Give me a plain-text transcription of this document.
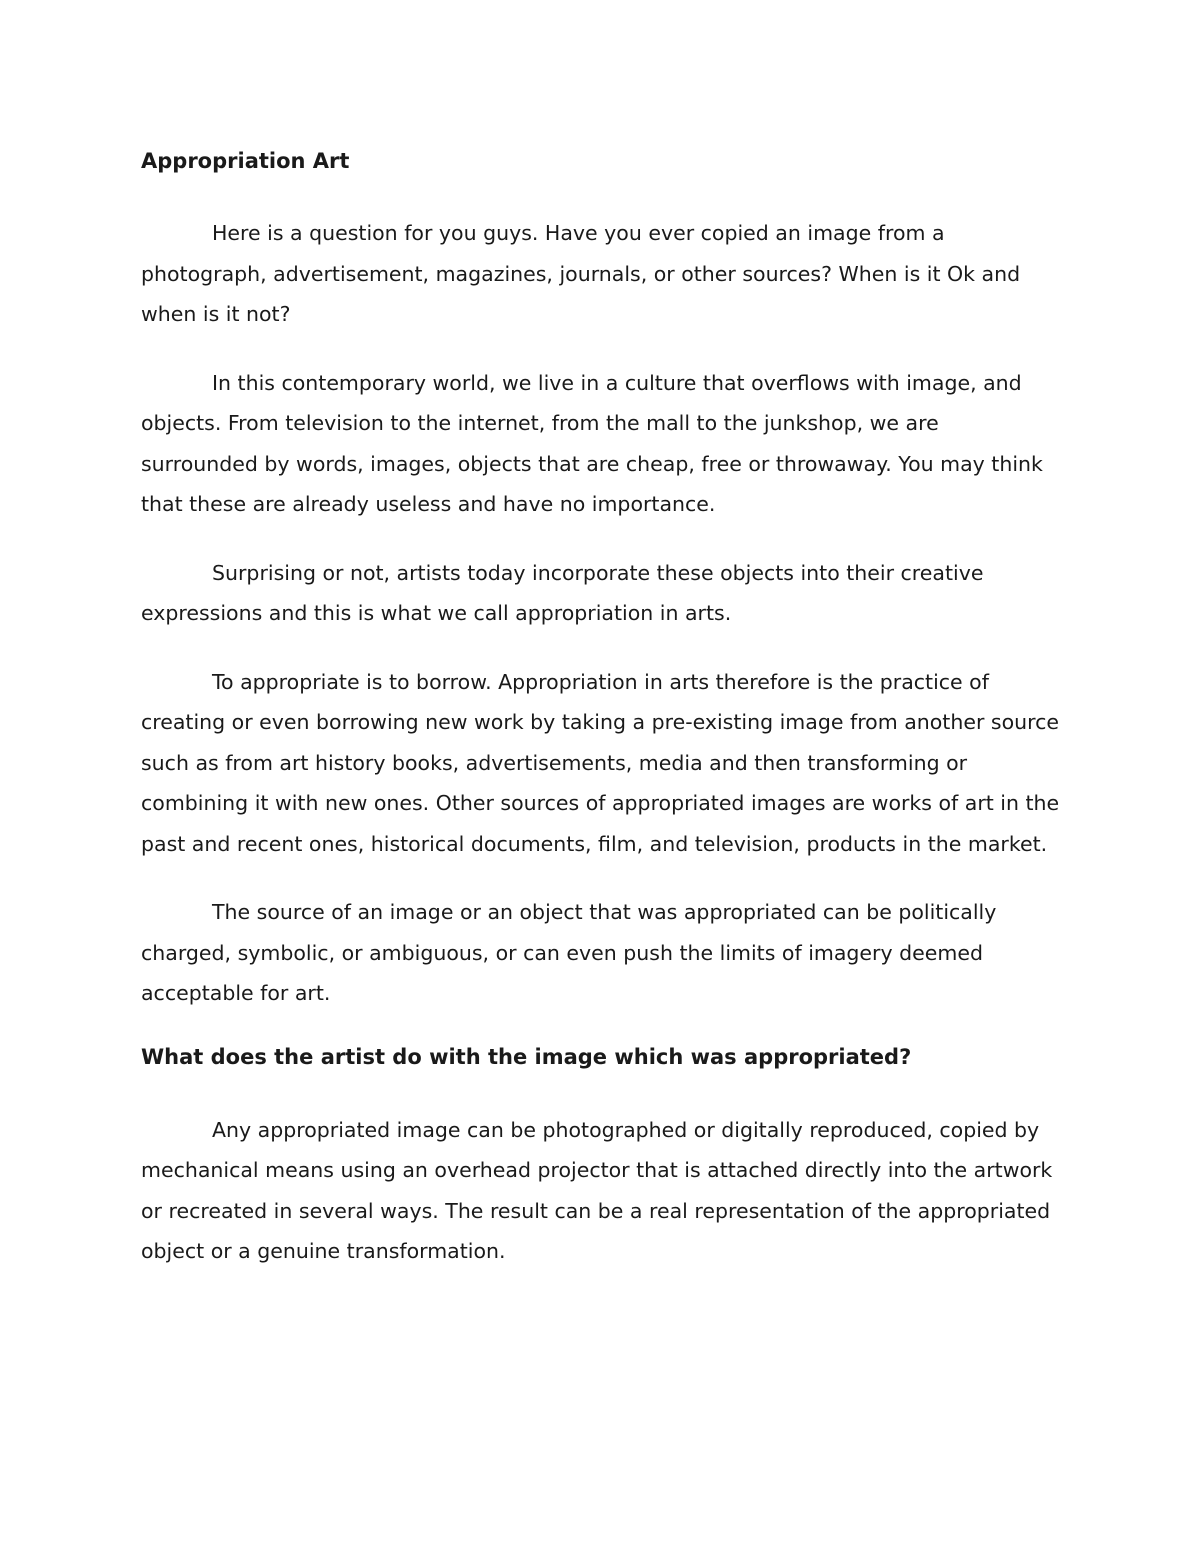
Appropriation Art

Here is a question for you guys. Have you ever copied an image from a photograph, advertisement, magazines, journals, or other sources? When is it Ok and when is it not?

In this contemporary world, we live in a culture that overflows with image, and objects. From television to the internet, from the mall to the junkshop, we are surrounded by words, images, objects that are cheap, free or throwaway. You may think that these are already useless and have no importance.

Surprising or not, artists today incorporate these objects into their creative expressions and this is what we call appropriation in arts.

To appropriate is to borrow. Appropriation in arts therefore is the practice of creating or even borrowing new work by taking a pre-existing image from another source such as from art history books, advertisements, media and then transforming or combining it with new ones. Other sources of appropriated images are works of art in the past and recent ones, historical documents, film, and television, products in the market.

The source of an image or an object that was appropriated can be politically charged, symbolic, or ambiguous, or can even push the limits of imagery deemed acceptable for art.

What does the artist do with the image which was appropriated?

Any appropriated image can be photographed or digitally reproduced, copied by mechanical means using an overhead projector that is attached directly into the artwork or recreated in several ways. The result can be a real representation of the appropriated object or a genuine transformation.
